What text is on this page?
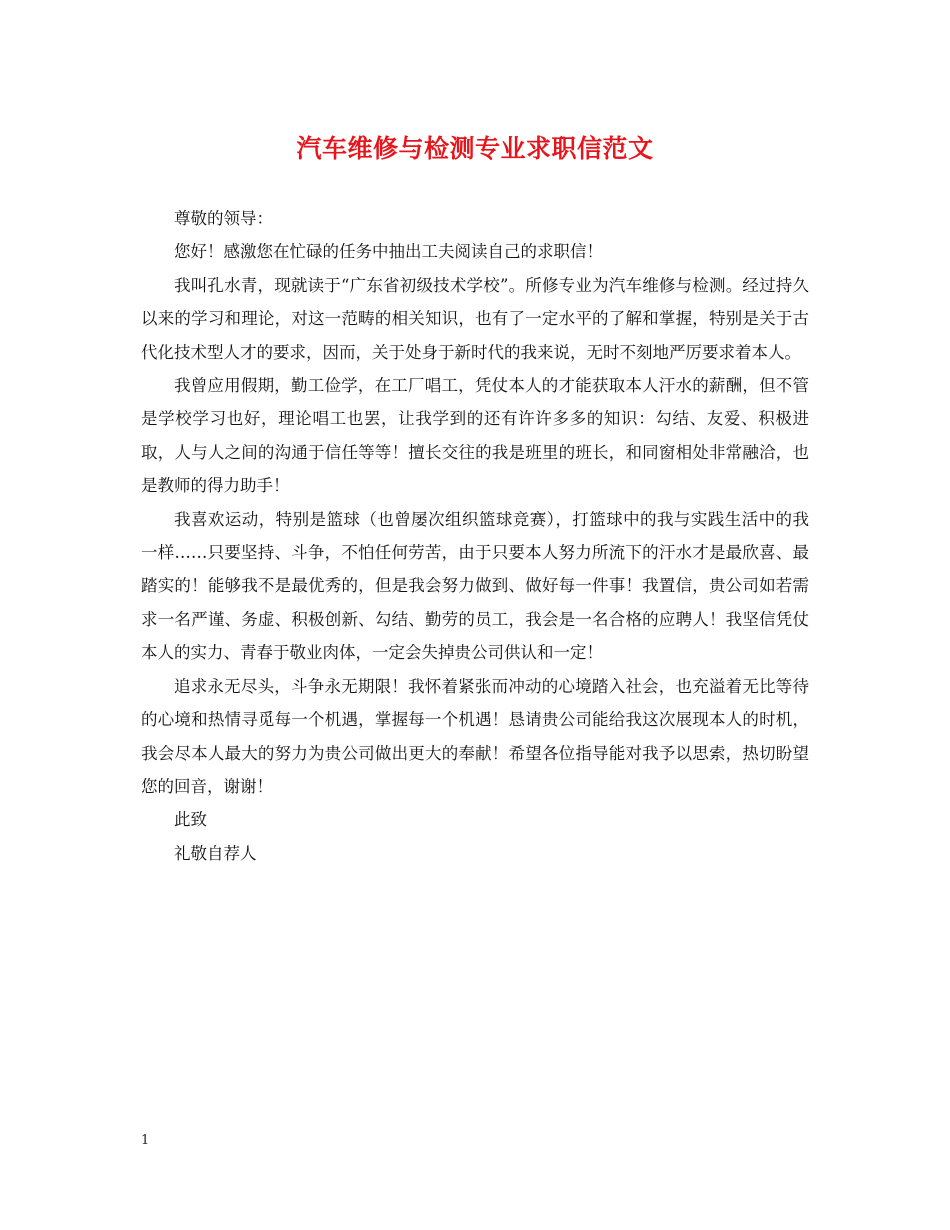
汽车维修与检测专业求职信范文

尊敬的领导：

您好！感激您在忙碌的任务中抽出工夫阅读自己的求职信！

我叫孔水青，现就读于“广东省初级技术学校”。所修专业为汽车维修与检测。经过持久以来的学习和理论，对这一范畴的相关知识，也有了一定水平的了解和掌握，特别是关于古代化技术型人才的要求，因而，关于处身于新时代的我来说，无时不刻地严厉要求着本人。

我曾应用假期，勤工俭学，在工厂唱工，凭仗本人的才能获取本人汗水的薪酬，但不管是学校学习也好，理论唱工也罢，让我学到的还有许许多多的知识：勾结、友爱、积极进取，人与人之间的沟通于信任等等！擅长交往的我是班里的班长，和同窗相处非常融洽，也是教师的得力助手！

我喜欢运动，特别是篮球（也曾屡次组织篮球竞赛），打篮球中的我与实践生活中的我一样……只要坚持、斗争，不怕任何劳苦，由于只要本人努力所流下的汗水才是最欣喜、最踏实的！能够我不是最优秀的，但是我会努力做到、做好每一件事！我置信，贵公司如若需求一名严谨、务虚、积极创新、勾结、勤劳的员工，我会是一名合格的应聘人！我坚信凭仗本人的实力、青春于敬业肉体，一定会失掉贵公司供认和一定！

追求永无尽头，斗争永无期限！我怀着紧张而冲动的心境踏入社会，也充溢着无比等待的心境和热情寻觅每一个机遇，掌握每一个机遇！恳请贵公司能给我这次展现本人的时机，我会尽本人最大的努力为贵公司做出更大的奉献！希望各位指导能对我予以思索，热切盼望您的回音，谢谢！

此致

礼敬自荐人

1
